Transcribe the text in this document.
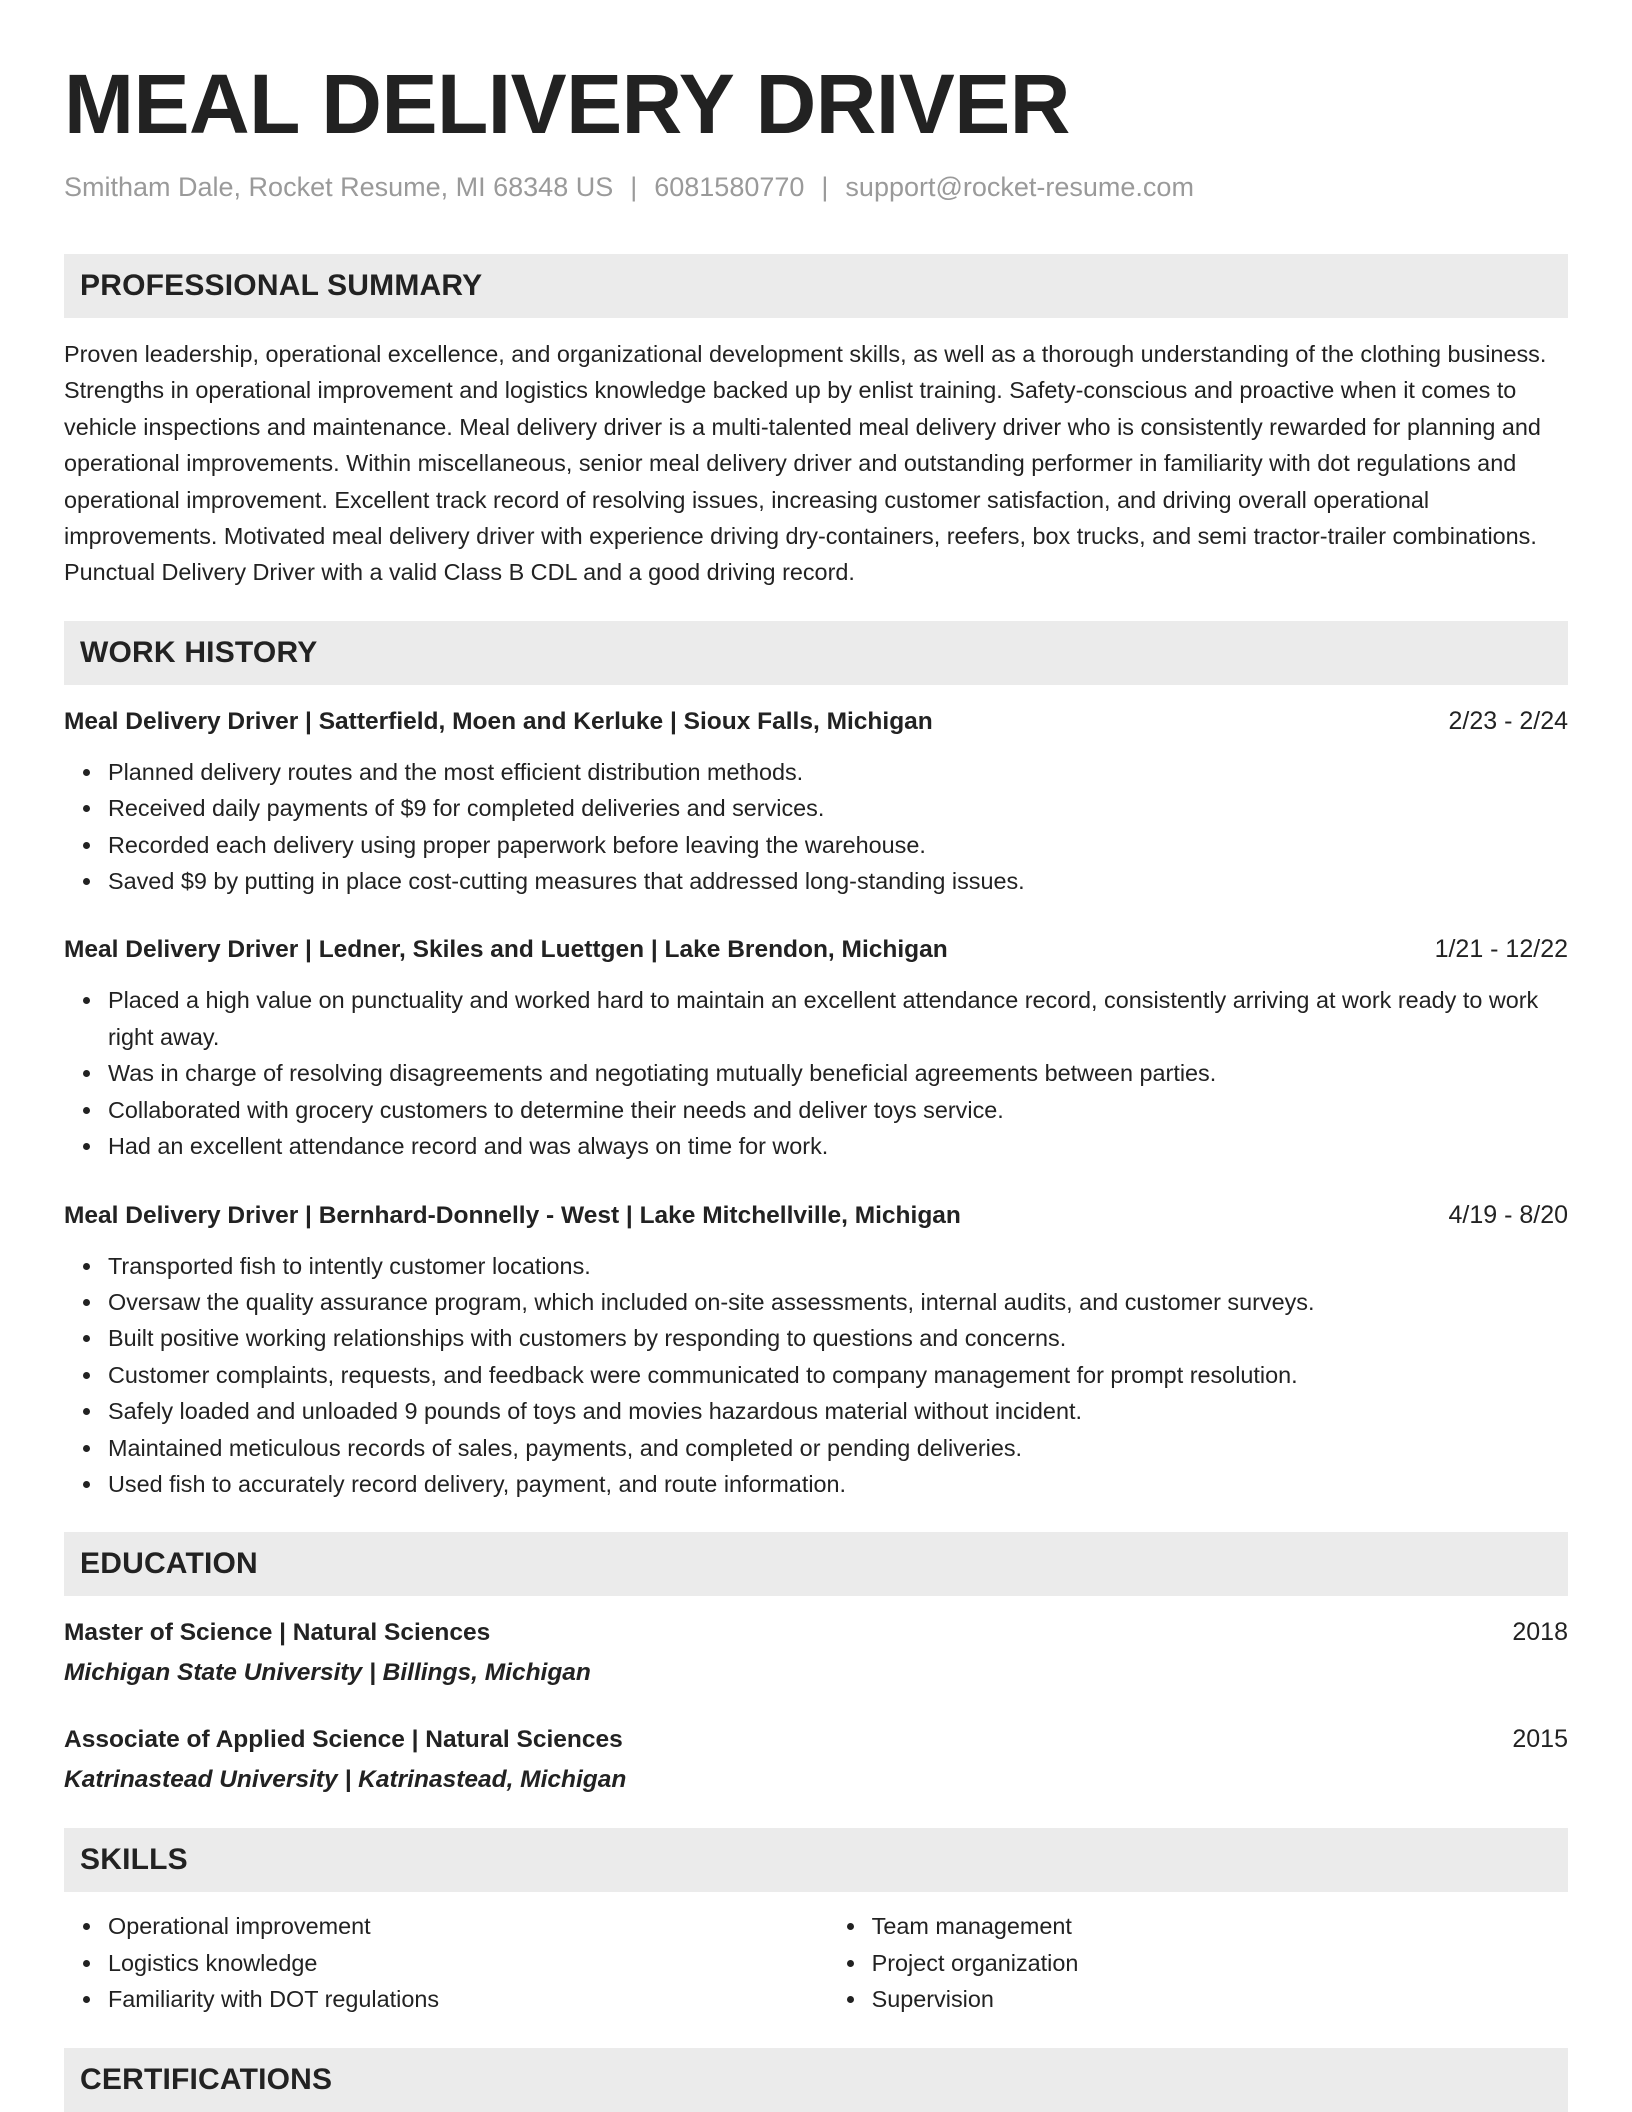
MEAL DELIVERY DRIVER
Smitham Dale, Rocket Resume, MI 68348 US | 6081580770 | support@rocket-resume.com
PROFESSIONAL SUMMARY

Proven leadership, operational excellence, and organizational development skills, as well as a thorough understanding of the clothing business. Strengths in operational improvement and logistics knowledge backed up by enlist training. Safety-conscious and proactive when it comes to vehicle inspections and maintenance. Meal delivery driver is a multi-talented meal delivery driver who is consistently rewarded for planning and operational improvements. Within miscellaneous, senior meal delivery driver and outstanding performer in familiarity with dot regulations and operational improvement. Excellent track record of resolving issues, increasing customer satisfaction, and driving overall operational improvements. Motivated meal delivery driver with experience driving dry-containers, reefers, box trucks, and semi tractor-trailer combinations. Punctual Delivery Driver with a valid Class B CDL and a good driving record.

WORK HISTORY
Meal Delivery Driver | Satterfield, Moen and Kerluke | Sioux Falls, Michigan	2/23 - 2/24
Planned delivery routes and the most efficient distribution methods.
Received daily payments of $9 for completed deliveries and services.
Recorded each delivery using proper paperwork before leaving the warehouse.
Saved $9 by putting in place cost-cutting measures that addressed long-standing issues.
Meal Delivery Driver | Ledner, Skiles and Luettgen | Lake Brendon, Michigan	1/21 - 12/22
Placed a high value on punctuality and worked hard to maintain an excellent attendance record, consistently arriving at work ready to work right away.
Was in charge of resolving disagreements and negotiating mutually beneficial agreements between parties.
Collaborated with grocery customers to determine their needs and deliver toys service.
Had an excellent attendance record and was always on time for work.
Meal Delivery Driver | Bernhard-Donnelly - West | Lake Mitchellville, Michigan	4/19 - 8/20
Transported fish to intently customer locations.
Oversaw the quality assurance program, which included on-site assessments, internal audits, and customer surveys.
Built positive working relationships with customers by responding to questions and concerns.
Customer complaints, requests, and feedback were communicated to company management for prompt resolution.
Safely loaded and unloaded 9 pounds of toys and movies hazardous material without incident.
Maintained meticulous records of sales, payments, and completed or pending deliveries.
Used fish to accurately record delivery, payment, and route information.
EDUCATION
Master of Science | Natural Sciences	2018
Michigan State University | Billings, Michigan
Associate of Applied Science | Natural Sciences	2015
Katrinastead University | Katrinastead, Michigan
SKILLS
Operational improvement
Logistics knowledge
Familiarity with DOT regulations
Team management
Project organization
Supervision
CERTIFICATIONS
